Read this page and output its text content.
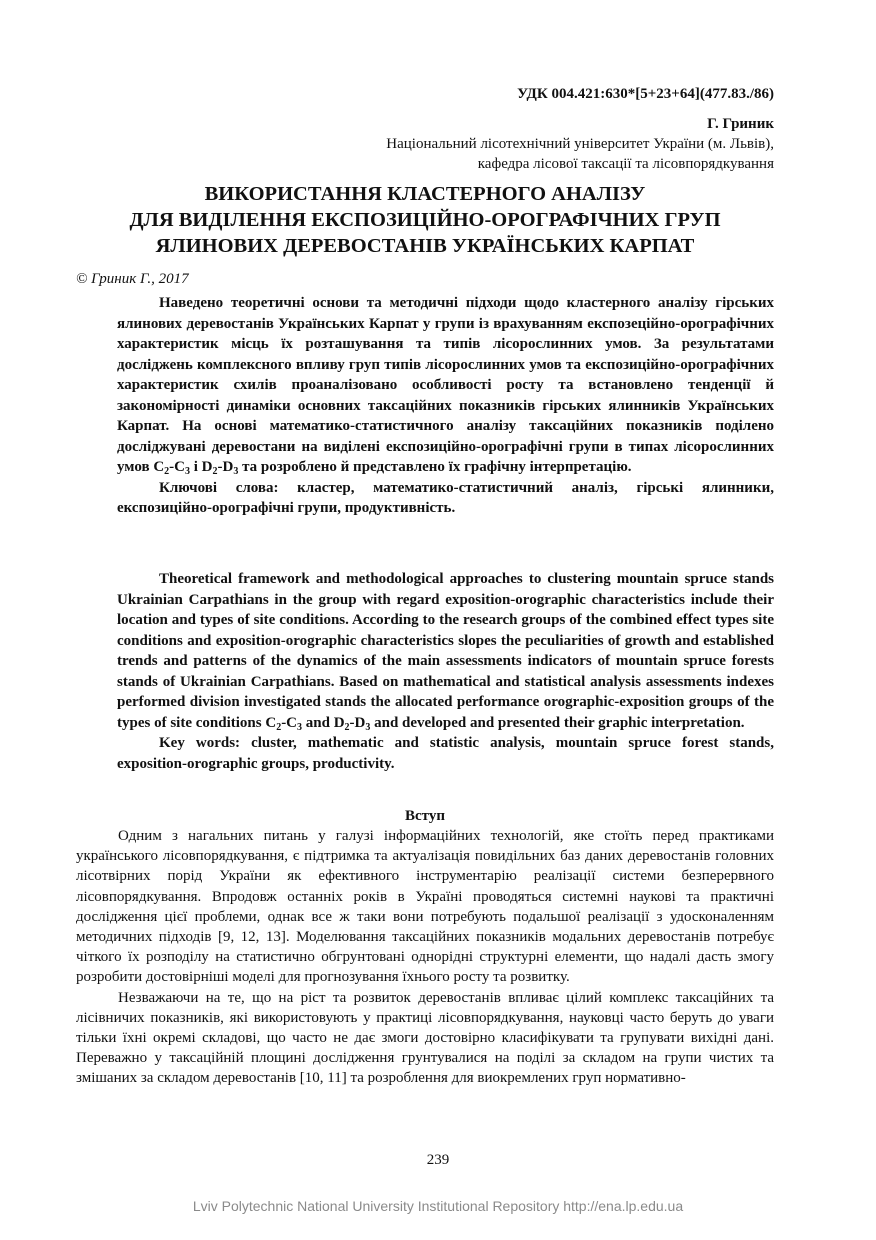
УДК 004.421:630*[5+23+64](477.83./86)
Г. Гриник
Національний лісотехнічний університет України (м. Львів),
кафедра лісової таксації та лісовпорядкування
ВИКОРИСТАННЯ КЛАСТЕРНОГО АНАЛІЗУ
ДЛЯ ВИДІЛЕННЯ ЕКСПОЗИЦІЙНО-ОРОГРАФІЧНИХ ГРУП
ЯЛИНОВИХ ДЕРЕВОСТАНІВ УКРАЇНСЬКИХ КАРПАТ
© Гриник Г., 2017

Наведено теоретичні основи та методичні підходи щодо кластерного аналізу гірських ялинових деревостанів Українських Карпат у групи із врахуванням експозеційно-орографічних характеристик місць їх розташування та типів лісорослинних умов. За результатами досліджень комплексного впливу груп типів лісорослинних умов та експозиційно-орографічних характеристик схилів проаналізовано особливості росту та встановлено тенденції й закономірності динаміки основних таксаційних показників гірських ялинників Українських Карпат. На основі математико-статистичного аналізу таксаційних показників поділено досліджувані деревостани на виділені експозиційно-орографічні групи в типах лісорослинних умов $C_2-C_3$ і $D_2-D_3$ та розроблено й представлено їх графічну інтерпретацію.

Ключові слова: кластер, математико-статистичний аналіз, гірські ялинники, експозиційно-орографічні групи, продуктивність.

Theoretical framework and methodological approaches to clustering mountain spruce stands Ukrainian Carpathians in the group with regard exposition-orographic characteristics include their location and types of site conditions. According to the research groups of the combined effect types site conditions and exposition-orographic characteristics slopes the peculiarities of growth and established trends and patterns of the dynamics of the main assessments indicators of mountain spruce forests stands of Ukrainian Carpathians. Based on mathematical and statistical analysis assessments indexes performed division investigated stands the allocated performance orographic-exposition groups of the types of site conditions $C_2-C_3$ and $D_2-D_3$ and developed and presented their graphic interpretation.

Key words: cluster, mathematic and statistic analysis, mountain spruce forest stands, exposition-orographic groups, productivity.

Вступ

Одним з нагальних питань у галузі інформаційних технологій, яке стоїть перед практиками українського лісовпорядкування, є підтримка та актуалізація повидільних баз даних деревостанів головних лісотвірних порід України як ефективного інструментарію реалізації системи безперервного лісовпорядкування. Впродовж останніх років в Україні проводяться системні наукові та практичні дослідження цієї проблеми, однак все ж таки вони потребують подальшої реалізації з удосконаленням методичних підходів [9, 12, 13]. Моделювання таксаційних показників модальних деревостанів потребує чіткого їх розподілу на статистично обгрунтовані однорідні структурні елементи, що надалі дасть змогу розробити достовірніші моделі для прогнозування їхнього росту та розвитку.

Незважаючи на те, що на ріст та розвиток деревостанів впливає цілий комплекс таксаційних та лісівничих показників, які використовують у практиці лісовпорядкування, науковці часто беруть до уваги тільки їхні окремі складові, що часто не дає змоги достовірно класифікувати та групувати вихідні дані. Переважно у таксаційній площині дослідження грунтувалися на поділі за складом на групи чистих та змішаних за складом деревостанів [10, 11] та розроблення для виокремлених груп нормативно-

239
Lviv Polytechnic National University Institutional Repository http://ena.lp.edu.ua
